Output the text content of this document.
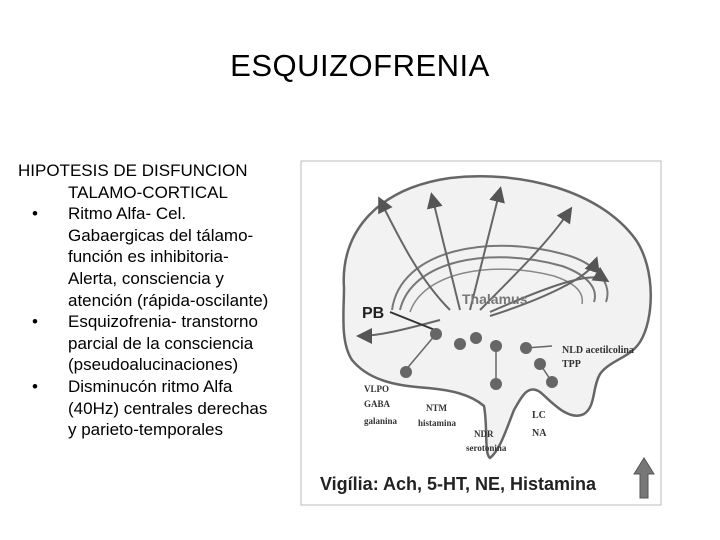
ESQUIZOFRENIA
HIPOTESIS DE DISFUNCION
TALAMO-CORTICAL
•	Ritmo Alfa- Cel.
Gabaergicas del tálamo-
función es inhibitoria-
Alerta, consciencia y
atención (rápida-oscilante)
•	Esquizofrenia- transtorno
parcial de la consciencia
(pseudoalucinaciones)
•	Disminucón ritmo Alfa
(40Hz) centrales derechas
y parieto-temporales
Thalamus
PB
NLD acetilcolina
TPP
VLPO
GABA
galanina
NTM
histamina
NDR
serotonina
LC
NA
Vigília: Ach, 5-HT, NE, Histamina
